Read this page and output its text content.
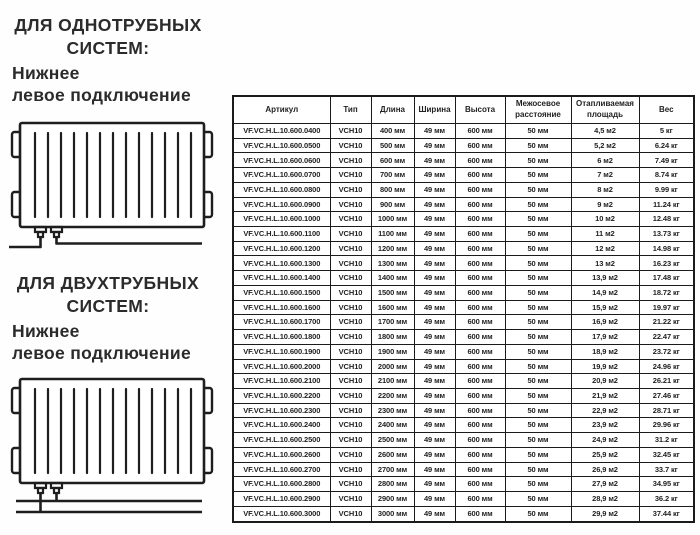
ДЛЯ ОДНОТРУБНЫХ
СИСТЕМ:
Нижнее
левое подключение
ДЛЯ ДВУХТРУБНЫХ
СИСТЕМ:
Нижнее
левое подключение
Артикул	Тип	Длина	Ширина	Высота	Межосевое расстояние	Отапливаемая площадь	Вес
VF.VC.H.L.10.600.0400	VCH10	400 мм	49 мм	600 мм	50 мм	4,5 м2	5 кг
VF.VC.H.L.10.600.0500	VCH10	500 мм	49 мм	600 мм	50 мм	5,2 м2	6.24 кг
VF.VC.H.L.10.600.0600	VCH10	600 мм	49 мм	600 мм	50 мм	6 м2	7.49 кг
VF.VC.H.L.10.600.0700	VCH10	700 мм	49 мм	600 мм	50 мм	7 м2	8.74 кг
VF.VC.H.L.10.600.0800	VCH10	800 мм	49 мм	600 мм	50 мм	8 м2	9.99 кг
VF.VC.H.L.10.600.0900	VCH10	900 мм	49 мм	600 мм	50 мм	9 м2	11.24 кг
VF.VC.H.L.10.600.1000	VCH10	1000 мм	49 мм	600 мм	50 мм	10 м2	12.48 кг
VF.VC.H.L.10.600.1100	VCH10	1100 мм	49 мм	600 мм	50 мм	11 м2	13.73 кг
VF.VC.H.L.10.600.1200	VCH10	1200 мм	49 мм	600 мм	50 мм	12 м2	14.98 кг
VF.VC.H.L.10.600.1300	VCH10	1300 мм	49 мм	600 мм	50 мм	13 м2	16.23 кг
VF.VC.H.L.10.600.1400	VCH10	1400 мм	49 мм	600 мм	50 мм	13,9 м2	17.48 кг
VF.VC.H.L.10.600.1500	VCH10	1500 мм	49 мм	600 мм	50 мм	14,9 м2	18.72 кг
VF.VC.H.L.10.600.1600	VCH10	1600 мм	49 мм	600 мм	50 мм	15,9 м2	19.97 кг
VF.VC.H.L.10.600.1700	VCH10	1700 мм	49 мм	600 мм	50 мм	16,9 м2	21.22 кг
VF.VC.H.L.10.600.1800	VCH10	1800 мм	49 мм	600 мм	50 мм	17,9 м2	22.47 кг
VF.VC.H.L.10.600.1900	VCH10	1900 мм	49 мм	600 мм	50 мм	18,9 м2	23.72 кг
VF.VC.H.L.10.600.2000	VCH10	2000 мм	49 мм	600 мм	50 мм	19,9 м2	24.96 кг
VF.VC.H.L.10.600.2100	VCH10	2100 мм	49 мм	600 мм	50 мм	20,9 м2	26.21 кг
VF.VC.H.L.10.600.2200	VCH10	2200 мм	49 мм	600 мм	50 мм	21,9 м2	27.46 кг
VF.VC.H.L.10.600.2300	VCH10	2300 мм	49 мм	600 мм	50 мм	22,9 м2	28.71 кг
VF.VC.H.L.10.600.2400	VCH10	2400 мм	49 мм	600 мм	50 мм	23,9 м2	29.96 кг
VF.VC.H.L.10.600.2500	VCH10	2500 мм	49 мм	600 мм	50 мм	24,9 м2	31.2 кг
VF.VC.H.L.10.600.2600	VCH10	2600 мм	49 мм	600 мм	50 мм	25,9 м2	32.45 кг
VF.VC.H.L.10.600.2700	VCH10	2700 мм	49 мм	600 мм	50 мм	26,9 м2	33.7 кг
VF.VC.H.L.10.600.2800	VCH10	2800 мм	49 мм	600 мм	50 мм	27,9 м2	34.95 кг
VF.VC.H.L.10.600.2900	VCH10	2900 мм	49 мм	600 мм	50 мм	28,9 м2	36.2 кг
VF.VC.H.L.10.600.3000	VCH10	3000 мм	49 мм	600 мм	50 мм	29,9 м2	37.44 кг
